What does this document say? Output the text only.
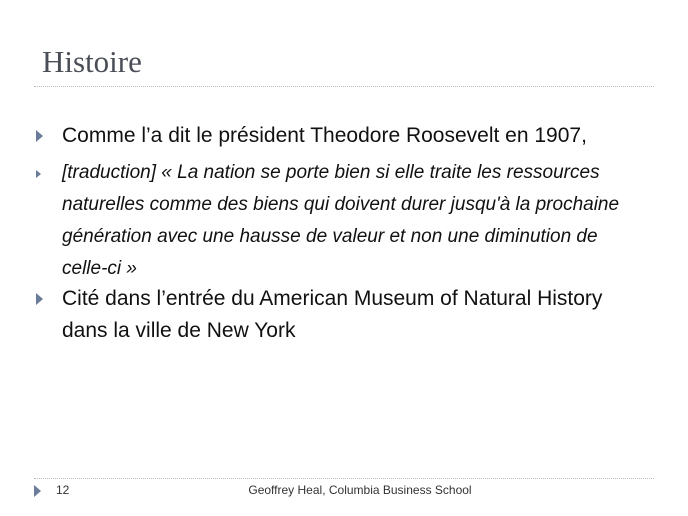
Histoire
Comme l’a dit le président Theodore Roosevelt en 1907,
[traduction] « La nation se porte bien si elle traite les ressources naturelles comme des biens qui doivent durer jusqu'à la prochaine génération avec une hausse de valeur et non une diminution de celle-ci »
Cité dans l’entrée du American Museum of Natural History dans la ville de New York
12	Geoffrey Heal, Columbia Business School
